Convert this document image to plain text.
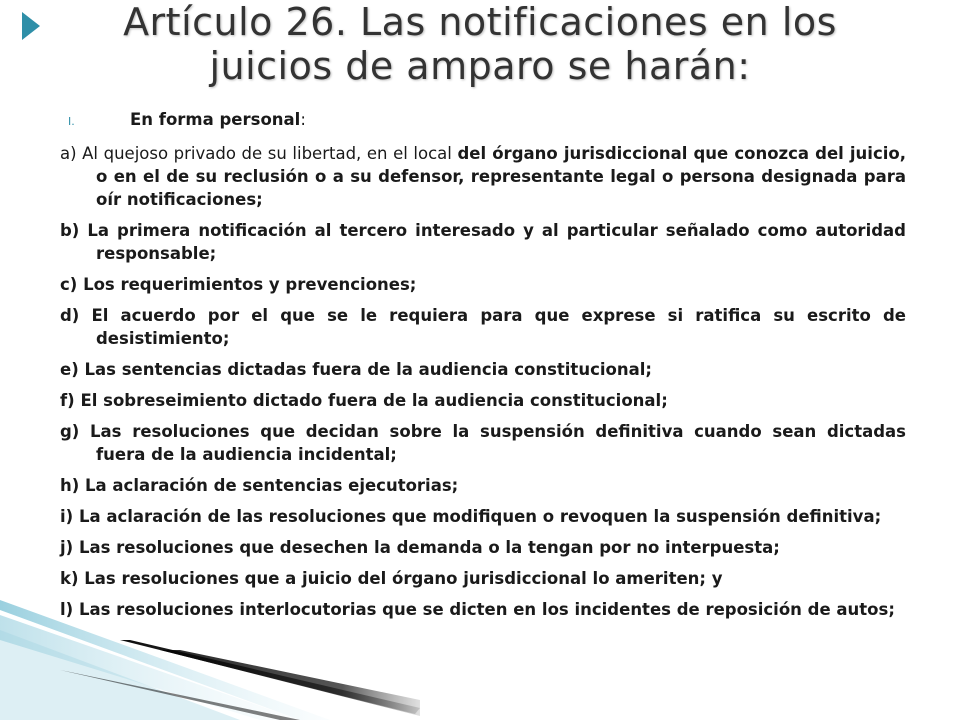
Artículo 26. Las notificaciones en los juicios de amparo se harán:
I.	En forma personal:
a) Al quejoso privado de su libertad, en el local del órgano jurisdiccional que conozca del juicio, o en el de su reclusión o a su defensor, representante legal o persona designada para oír notificaciones;
b) La primera notificación al tercero interesado y al particular señalado como autoridad responsable;
c) Los requerimientos y prevenciones;
d) El acuerdo por el que se le requiera para que exprese si ratifica su escrito de desistimiento;
e) Las sentencias dictadas fuera de la audiencia constitucional;
f) El sobreseimiento dictado fuera de la audiencia constitucional;
g) Las resoluciones que decidan sobre la suspensión definitiva cuando sean dictadas fuera de la audiencia incidental;
h) La aclaración de sentencias ejecutorias;
i) La aclaración de las resoluciones que modifiquen o revoquen la suspensión definitiva;
j) Las resoluciones que desechen la demanda o la tengan por no interpuesta;
k) Las resoluciones que a juicio del órgano jurisdiccional lo ameriten; y
l) Las resoluciones interlocutorias que se dicten en los incidentes de reposición de autos;
